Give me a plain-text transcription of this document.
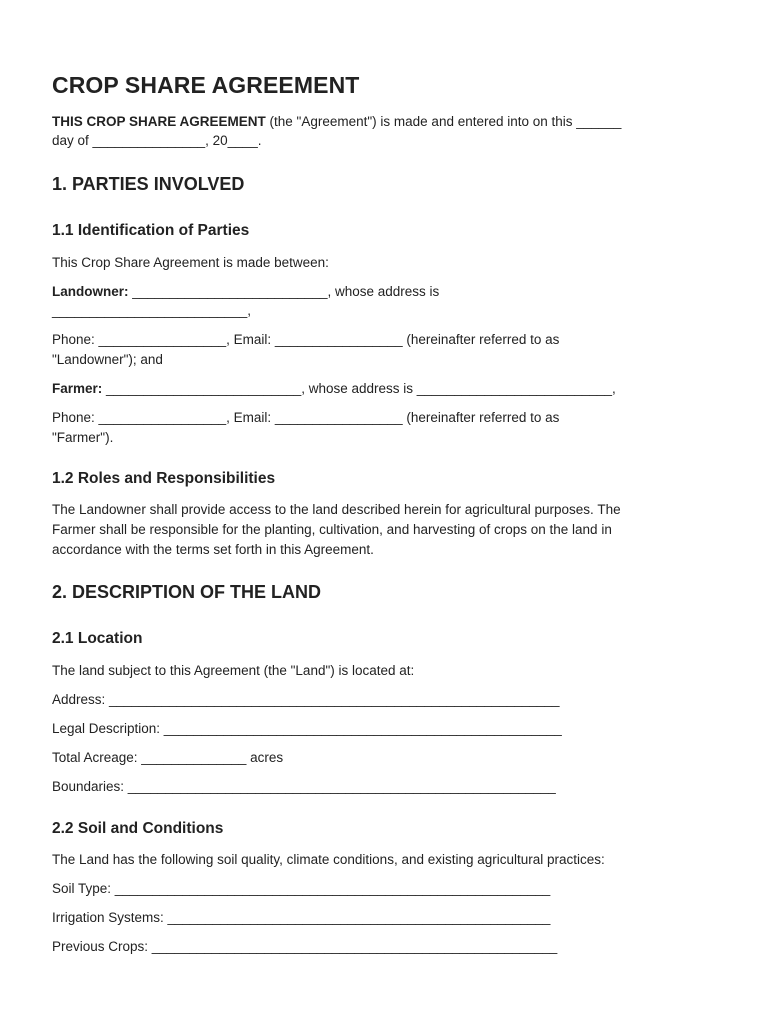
CROP SHARE AGREEMENT

THIS CROP SHARE AGREEMENT (the "Agreement") is made and entered into on this ______

day of _______________, 20____.

1. PARTIES INVOLVED
1.1 Identification of Parties

This Crop Share Agreement is made between:

Landowner: __________________________, whose address is

__________________________,

Phone: _________________, Email: _________________ (hereinafter referred to as

"Landowner"); and

Farmer: __________________________, whose address is __________________________,

Phone: _________________, Email: _________________ (hereinafter referred to as

"Farmer").

1.2 Roles and Responsibilities

The Landowner shall provide access to the land described herein for agricultural purposes. The

Farmer shall be responsible for the planting, cultivation, and harvesting of crops on the land in

accordance with the terms set forth in this Agreement.

2. DESCRIPTION OF THE LAND
2.1 Location

The land subject to this Agreement (the "Land") is located at:

Address: ____________________________________________________________

Legal Description: _____________________________________________________

Total Acreage: ______________ acres

Boundaries: _________________________________________________________

2.2 Soil and Conditions

The Land has the following soil quality, climate conditions, and existing agricultural practices:

Soil Type: __________________________________________________________

Irrigation Systems: ___________________________________________________

Previous Crops: ______________________________________________________
